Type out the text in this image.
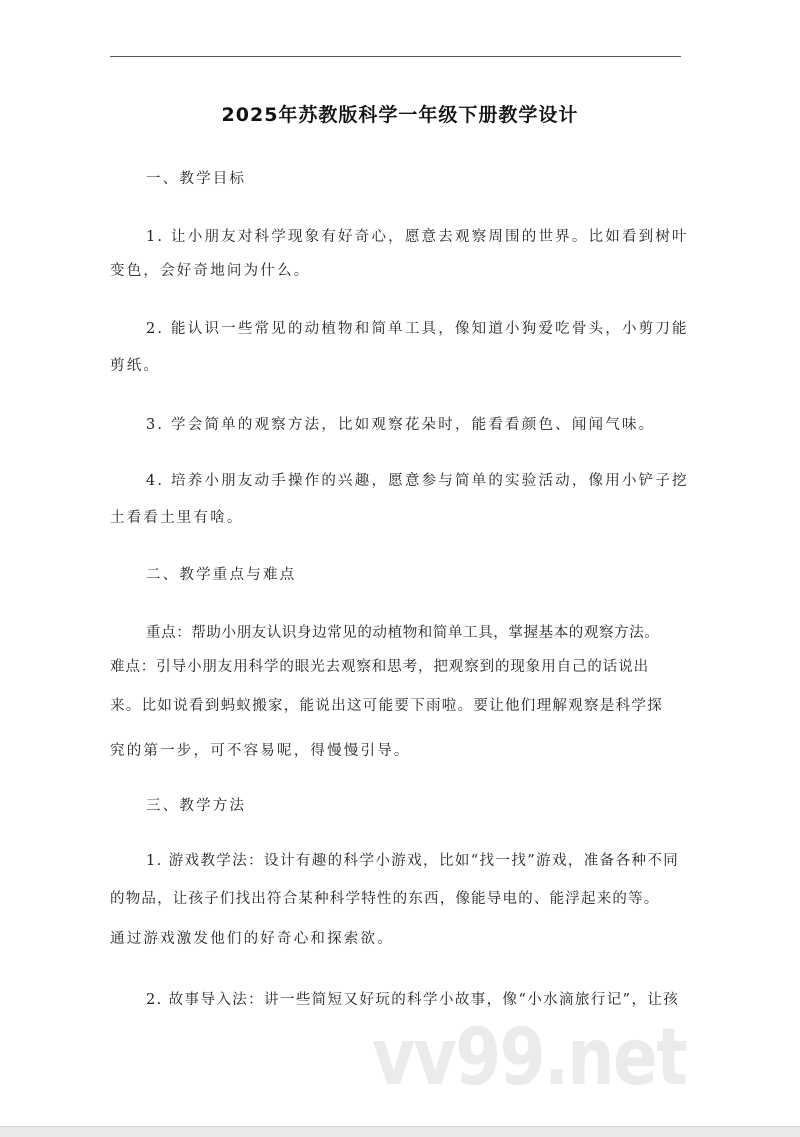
2025年苏教版科学一年级下册教学设计
一、教学目标
1. 让小朋友对科学现象有好奇心，愿意去观察周围的世界。比如看到树叶
变色，会好奇地问为什么。
2. 能认识一些常见的动植物和简单工具，像知道小狗爱吃骨头，小剪刀能
剪纸。
3. 学会简单的观察方法，比如观察花朵时，能看看颜色、闻闻气味。
4. 培养小朋友动手操作的兴趣，愿意参与简单的实验活动，像用小铲子挖
土看看土里有啥。
二、教学重点与难点
重点：帮助小朋友认识身边常见的动植物和简单工具，掌握基本的观察方法。
难点：引导小朋友用科学的眼光去观察和思考，把观察到的现象用自己的话说出
来。比如说看到蚂蚁搬家，能说出这可能要下雨啦。要让他们理解观察是科学探
究的第一步，可不容易呢，得慢慢引导。
三、教学方法
1. 游戏教学法：设计有趣的科学小游戏，比如“找一找”游戏，准备各种不同
的物品，让孩子们找出符合某种科学特性的东西，像能导电的、能浮起来的等。
通过游戏激发他们的好奇心和探索欲。
2. 故事导入法：讲一些简短又好玩的科学小故事，像“小水滴旅行记”，让孩
vv99.net
